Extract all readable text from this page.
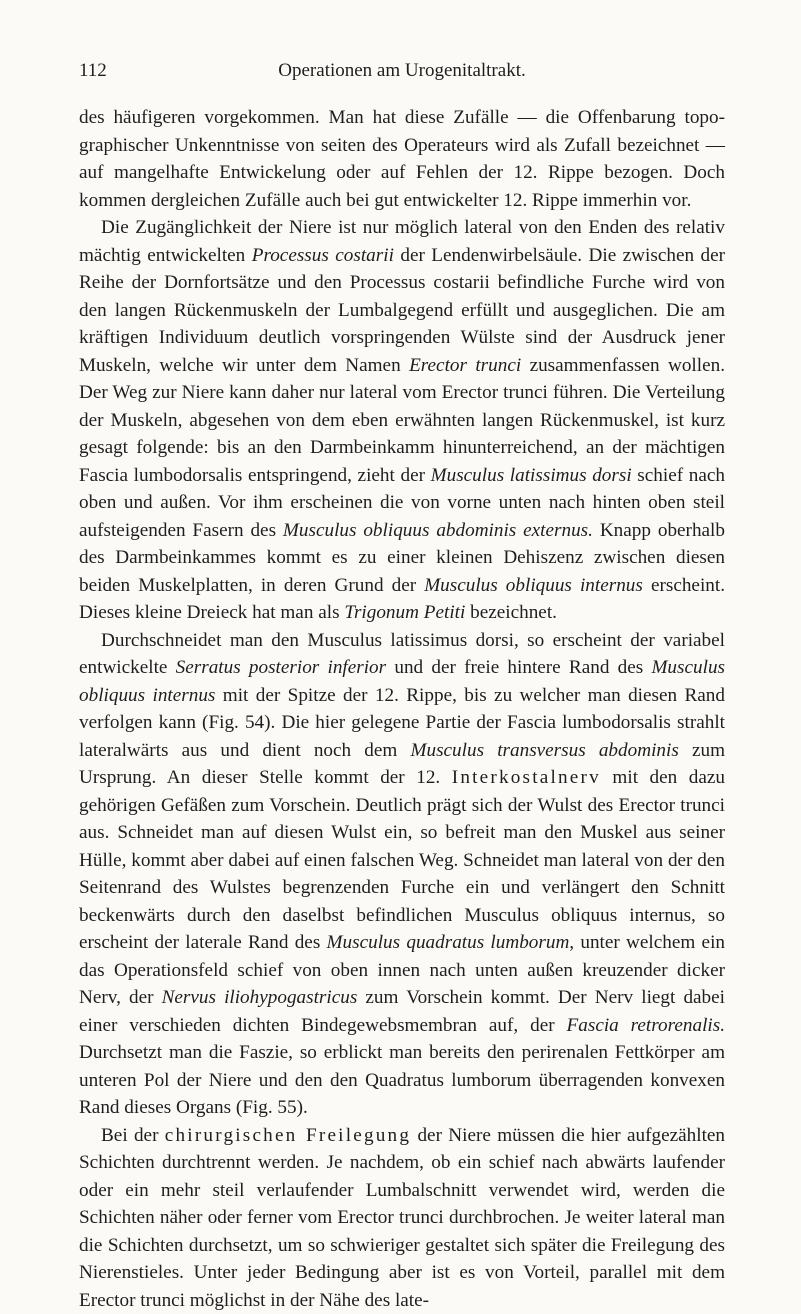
112	Operationen am Urogenitaltrakt.

des häufigeren vorgekommen. Man hat diese Zufälle — die Offenbarung topographischer Unkenntnisse von seiten des Operateurs wird als Zufall bezeichnet — auf mangelhafte Entwickelung oder auf Fehlen der 12. Rippe bezogen. Doch kommen dergleichen Zufälle auch bei gut entwickelter 12. Rippe immerhin vor.

Die Zugänglichkeit der Niere ist nur möglich lateral von den Enden des relativ mächtig entwickelten Processus costarii der Lendenwirbelsäule. Die zwischen der Reihe der Dornfortsätze und den Processus costarii befindliche Furche wird von den langen Rückenmuskeln der Lumbalgegend erfüllt und ausgeglichen. Die am kräftigen Individuum deutlich vorspringenden Wülste sind der Ausdruck jener Muskeln, welche wir unter dem Namen Erector trunci zusammenfassen wollen. Der Weg zur Niere kann daher nur lateral vom Erector trunci führen. Die Verteilung der Muskeln, abgesehen von dem eben erwähnten langen Rückenmuskel, ist kurz gesagt folgende: bis an den Darmbeinkamm hinunterreichend, an der mächtigen Fascia lumbodorsalis entspringend, zieht der Musculus latissimus dorsi schief nach oben und außen. Vor ihm erscheinen die von vorne unten nach hinten oben steil aufsteigenden Fasern des Musculus obliquus abdominis externus. Knapp oberhalb des Darmbeinkammes kommt es zu einer kleinen Dehiszenz zwischen diesen beiden Muskelplatten, in deren Grund der Musculus obliquus internus erscheint. Dieses kleine Dreieck hat man als Trigonum Petiti bezeichnet.

Durchschneidet man den Musculus latissimus dorsi, so erscheint der variabel entwickelte Serratus posterior inferior und der freie hintere Rand des Musculus obliquus internus mit der Spitze der 12. Rippe, bis zu welcher man diesen Rand verfolgen kann (Fig. 54). Die hier gelegene Partie der Fascia lumbodorsalis strahlt lateralwärts aus und dient noch dem Musculus transversus abdominis zum Ursprung. An dieser Stelle kommt der 12. Interkostalnerv mit den dazu gehörigen Gefäßen zum Vorschein. Deutlich prägt sich der Wulst des Erector trunci aus. Schneidet man auf diesen Wulst ein, so befreit man den Muskel aus seiner Hülle, kommt aber dabei auf einen falschen Weg. Schneidet man lateral von der den Seitenrand des Wulstes begrenzenden Furche ein und verlängert den Schnitt beckenwärts durch den daselbst befindlichen Musculus obliquus internus, so erscheint der laterale Rand des Musculus quadratus lumborum, unter welchem ein das Operationsfeld schief von oben innen nach unten außen kreuzender dicker Nerv, der Nervus iliohypogastricus zum Vorschein kommt. Der Nerv liegt dabei einer verschieden dichten Bindegewebsmembran auf, der Fascia retrorenalis. Durchsetzt man die Faszie, so erblickt man bereits den perirenalen Fettkörper am unteren Pol der Niere und den den Quadratus lumborum überragenden konvexen Rand dieses Organs (Fig. 55).

Bei der chirurgischen Freilegung der Niere müssen die hier aufgezählten Schichten durchtrennt werden. Je nachdem, ob ein schief nach abwärts laufender oder ein mehr steil verlaufender Lumbalschnitt verwendet wird, werden die Schichten näher oder ferner vom Erector trunci durchbrochen. Je weiter lateral man die Schichten durchsetzt, um so schwieriger gestaltet sich später die Freilegung des Nierenstieles. Unter jeder Bedingung aber ist es von Vorteil, parallel mit dem Erector trunci möglichst in der Nähe des late-
